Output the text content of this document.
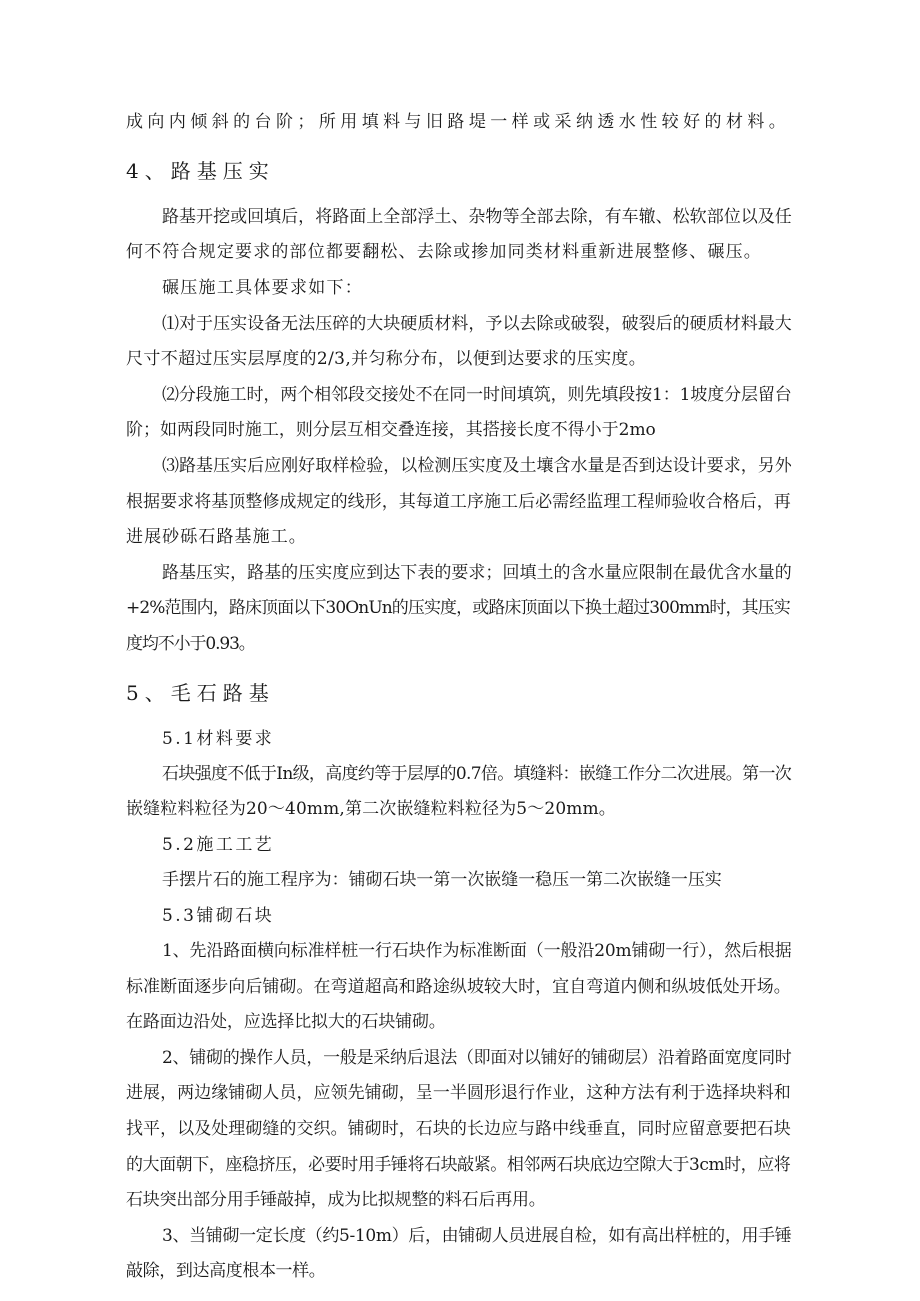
成向内倾斜的台阶；所用填料与旧路堤一样或采纳透水性较好的材料。
4、路基压实
路基开挖或回填后，将路面上全部浮土、杂物等全部去除，有车辙、松软部位以及任
何不符合规定要求的部位都要翻松、去除或掺加同类材料重新进展整修、碾压。
碾压施工具体要求如下：
⑴对于压实设备无法压碎的大块硬质材料，予以去除或破裂，破裂后的硬质材料最大
尺寸不超过压实层厚度的2/3,并匀称分布，以便到达要求的压实度。
⑵分段施工时，两个相邻段交接处不在同一时间填筑，则先填段按1：1坡度分层留台
阶；如两段同时施工，则分层互相交叠连接，其搭接长度不得小于2mo
⑶路基压实后应刚好取样检验，以检测压实度及土壤含水量是否到达设计要求，另外
根据要求将基顶整修成规定的线形，其每道工序施工后必需经监理工程师验收合格后，再
进展砂砾石路基施工。
路基压实，路基的压实度应到达下表的要求；回填土的含水量应限制在最优含水量的
+2%范围内，路床顶面以下30OnUn的压实度，或路床顶面以下换土超过300mm时，其压实
度均不小于0.93。
5、毛石路基
5.1材料要求
石块强度不低于In级，高度约等于层厚的0.7倍。填缝料：嵌缝工作分二次进展。第一次
嵌缝粒料粒径为20〜40mm,第二次嵌缝粒料粒径为5〜20mm。
5.2施工工艺
手摆片石的施工程序为：铺砌石块一第一次嵌缝一稳压一第二次嵌缝一压实
5.3铺砌石块
1、先沿路面横向标准样桩一行石块作为标准断面（一般沿20m铺砌一行），然后根据
标准断面逐步向后铺砌。在弯道超高和路途纵坡较大时，宜自弯道内侧和纵坡低处开场。
在路面边沿处，应选择比拟大的石块铺砌。
2、铺砌的操作人员，一般是采纳后退法（即面对以铺好的铺砌层）沿着路面宽度同时
进展，两边缘铺砌人员，应领先铺砌，呈一半圆形退行作业，这种方法有利于选择块料和
找平，以及处理砌缝的交织。铺砌时，石块的长边应与路中线垂直，同时应留意要把石块
的大面朝下，座稳挤压，必要时用手锤将石块敲紧。相邻两石块底边空隙大于3cm时，应将
石块突出部分用手锤敲掉，成为比拟规整的料石后再用。
3、当铺砌一定长度（约5-10m）后，由铺砌人员进展自检，如有高出样桩的，用手锤
敲除，到达高度根本一样。
